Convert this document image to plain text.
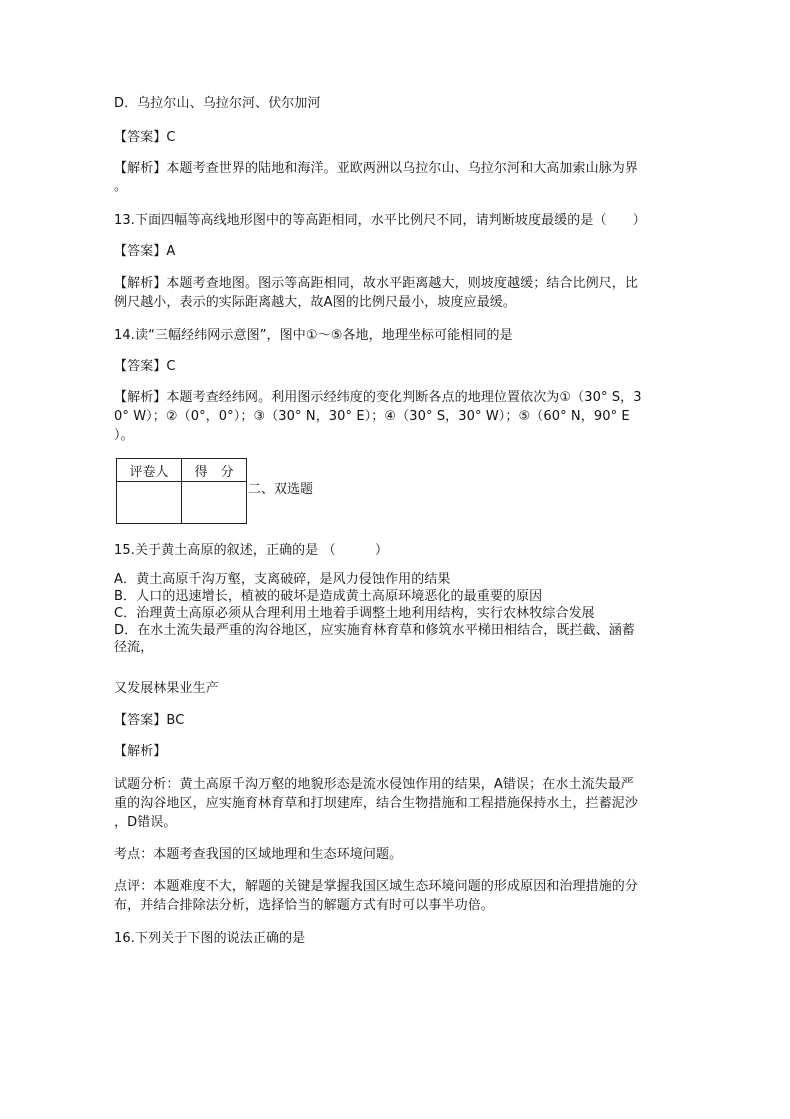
D．乌拉尔山、乌拉尔河、伏尔加河
【答案】C
【解析】本题考查世界的陆地和海洋。亚欧两洲以乌拉尔山、乌拉尔河和大高加索山脉为界
。
13.下面四幅等高线地形图中的等高距相同，水平比例尺不同，请判断坡度最缓的是（　　）
【答案】A
【解析】本题考查地图。图示等高距相同，故水平距离越大，则坡度越缓；结合比例尺，比
例尺越小，表示的实际距离越大，故A图的比例尺最小，坡度应最缓。
14.读“三幅经纬网示意图”，图中①～⑤各地，地理坐标可能相同的是
【答案】C
【解析】本题考查经纬网。利用图示经纬度的变化判断各点的地理位置依次为①（30° S，3
0° W）；②（0°，0°）；③（30° N，30° E）；④（30° S，30° W）；⑤（60° N，90° E
）。
评卷人	得　分

二、双选题
15.关于黄土高原的叙述，正确的是 （　　　）
A．黄土高原千沟万壑，支离破碎，是风力侵蚀作用的结果
B．人口的迅速增长，植被的破坏是造成黄土高原环境恶化的最重要的原因
C．治理黄土高原必须从合理利用土地着手调整土地利用结构，实行农林牧综合发展
D．在水土流失最严重的沟谷地区，应实施育林育草和修筑水平梯田相结合，既拦截、涵蓄
径流，
又发展林果业生产
【答案】BC
【解析】
试题分析：黄土高原千沟万壑的地貌形态是流水侵蚀作用的结果，A错误；在水土流失最严
重的沟谷地区，应实施育林育草和打坝建库，结合生物措施和工程措施保持水土，拦蓄泥沙
，D错误。
考点：本题考查我国的区域地理和生态环境问题。
点评：本题难度不大，解题的关键是掌握我国区域生态环境问题的形成原因和治理措施的分
布，并结合排除法分析，选择恰当的解题方式有时可以事半功倍。
16.下列关于下图的说法正确的是
